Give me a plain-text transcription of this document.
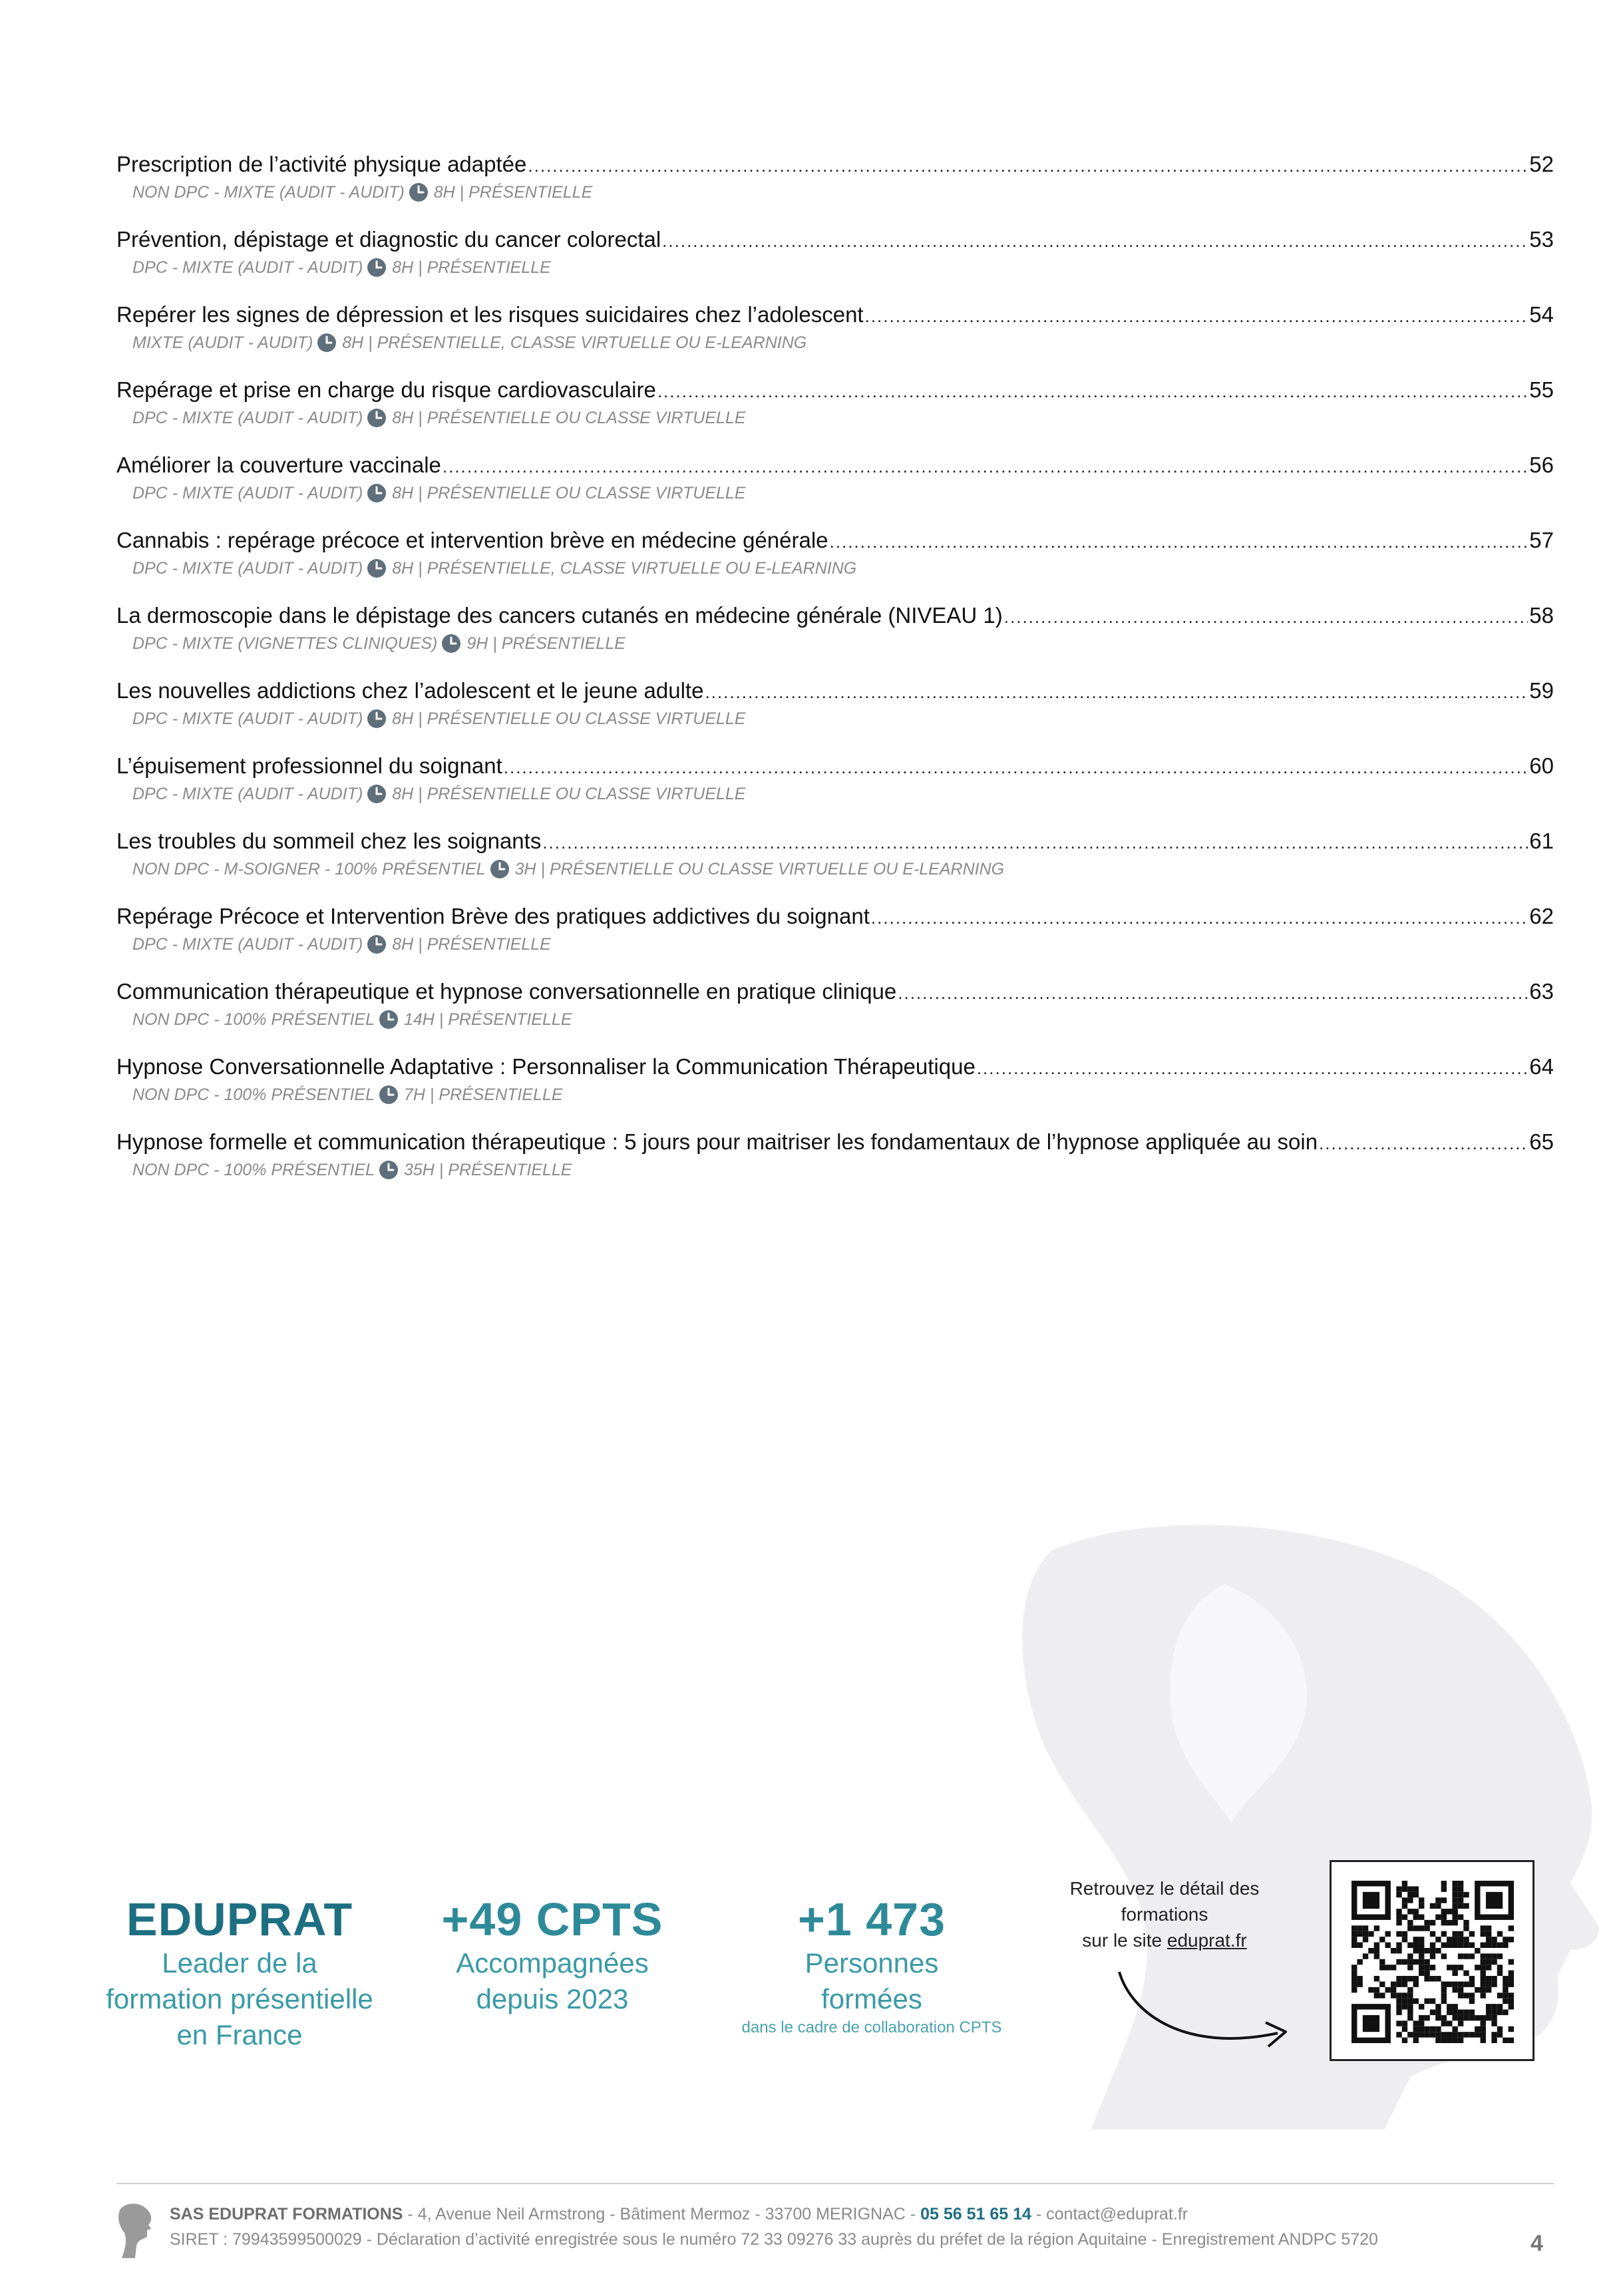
Prescription de l’activité physique adaptée .....	52
NON DPC - MIXTE (AUDIT - AUDIT) 8H | PRÉSENTIELLE
Prévention, dépistage et diagnostic du cancer colorectal .....	53
DPC - MIXTE (AUDIT - AUDIT) 8H | PRÉSENTIELLE
Repérer les signes de dépression et les risques suicidaires chez l’adolescent .....	54
MIXTE (AUDIT - AUDIT) 8H | PRÉSENTIELLE, CLASSE VIRTUELLE OU E-LEARNING
Repérage et prise en charge du risque cardiovasculaire .....	55
DPC - MIXTE (AUDIT - AUDIT) 8H | PRÉSENTIELLE OU CLASSE VIRTUELLE
Améliorer la couverture vaccinale .....	56
DPC - MIXTE (AUDIT - AUDIT) 8H | PRÉSENTIELLE OU CLASSE VIRTUELLE
Cannabis : repérage précoce et intervention brève en médecine générale .....	57
DPC - MIXTE (AUDIT - AUDIT) 8H | PRÉSENTIELLE, CLASSE VIRTUELLE OU E-LEARNING
La dermoscopie dans le dépistage des cancers cutanés en médecine générale (NIVEAU 1) .....	58
DPC - MIXTE (VIGNETTES CLINIQUES) 9H | PRÉSENTIELLE
Les nouvelles addictions chez l’adolescent et le jeune adulte .....	59
DPC - MIXTE (AUDIT - AUDIT) 8H | PRÉSENTIELLE OU CLASSE VIRTUELLE
L’épuisement professionnel du soignant .....	60
DPC - MIXTE (AUDIT - AUDIT) 8H | PRÉSENTIELLE OU CLASSE VIRTUELLE
Les troubles du sommeil chez les soignants .....	61
NON DPC - M-SOIGNER - 100% PRÉSENTIEL 3H | PRÉSENTIELLE OU CLASSE VIRTUELLE OU E-LEARNING
Repérage Précoce et Intervention Brève des pratiques addictives du soignant .....	62
DPC - MIXTE (AUDIT - AUDIT) 8H | PRÉSENTIELLE
Communication thérapeutique et hypnose conversationnelle en pratique clinique .....	63
NON DPC - 100% PRÉSENTIEL 14H | PRÉSENTIELLE
Hypnose Conversationnelle Adaptative : Personnaliser la Communication Thérapeutique .....	64
NON DPC - 100% PRÉSENTIEL 7H | PRÉSENTIELLE
Hypnose formelle et communication thérapeutique : 5 jours pour maitriser les fondamentaux de l’hypnose appliquée au soin .....	65
NON DPC - 100% PRÉSENTIEL 35H | PRÉSENTIELLE
EDUPRAT
Leader de la
formation présentielle
en France
+49 CPTS
Accompagnées
depuis 2023
+1 473
Personnes
formées
dans le cadre de collaboration CPTS
Retrouvez le détail des
formations
sur le site eduprat.fr
SAS EDUPRAT FORMATIONS - 4, Avenue Neil Armstrong - Bâtiment Mermoz - 33700 MERIGNAC - 05 56 51 65 14 - contact@eduprat.fr
SIRET : 79943599500029 - Déclaration d’activité enregistrée sous le numéro 72 33 09276 33 auprès du préfet de la région Aquitaine - Enregistrement ANDPC 5720	4
